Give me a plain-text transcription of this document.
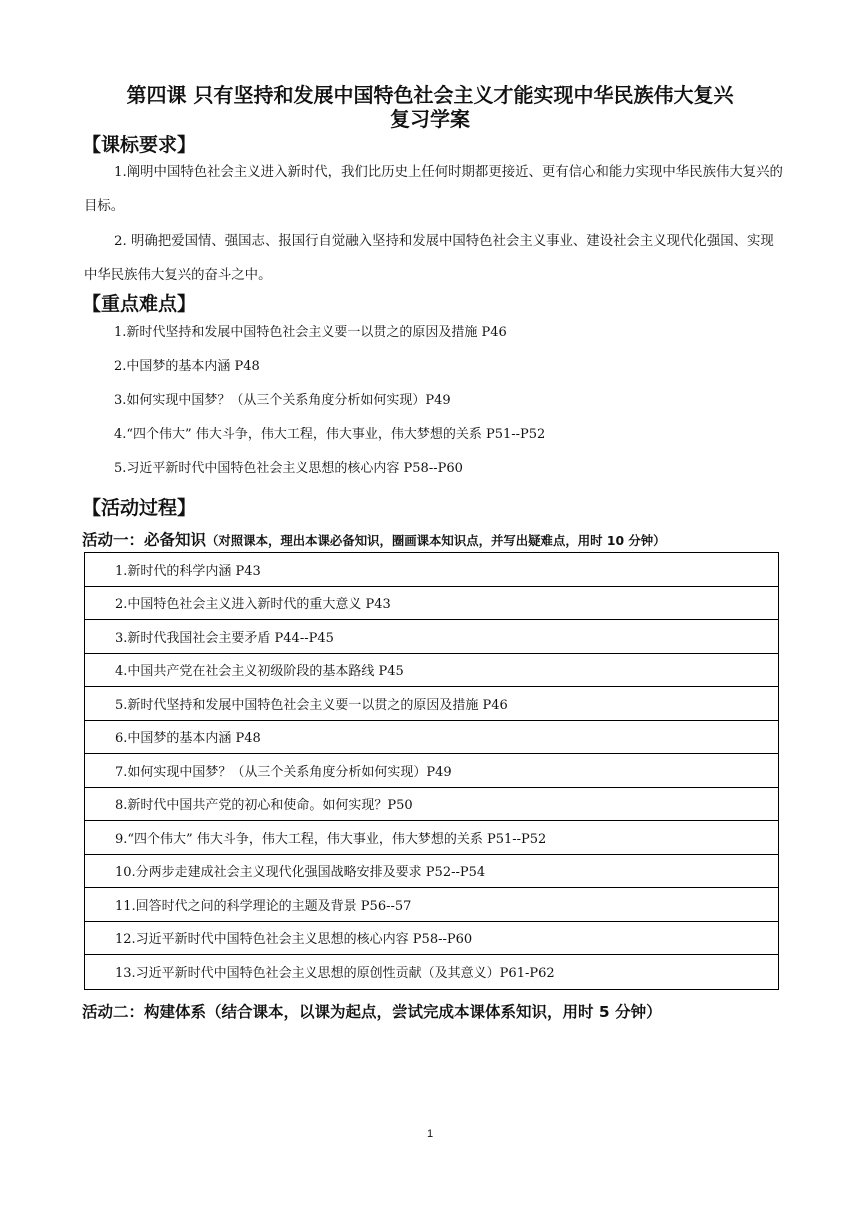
第四课 只有坚持和发展中国特色社会主义才能实现中华民族伟大复兴
复习学案
【课标要求】
1.阐明中国特色社会主义进入新时代，我们比历史上任何时期都更接近、更有信心和能力实现中华民族伟大复兴的目标。
2. 明确把爱国情、强国志、报国行自觉融入坚持和发展中国特色社会主义事业、建设社会主义现代化强国、实现中华民族伟大复兴的奋斗之中。
【重点难点】
1.新时代坚持和发展中国特色社会主义要一以贯之的原因及措施 P46
2.中国梦的基本内涵 P48
3.如何实现中国梦？（从三个关系角度分析如何实现）P49
4.“四个伟大” 伟大斗争，伟大工程，伟大事业，伟大梦想的关系 P51--P52
5.习近平新时代中国特色社会主义思想的核心内容 P58--P60
【活动过程】
活动一：必备知识（对照课本，理出本课必备知识，圈画课本知识点，并写出疑难点，用时 10 分钟）
1.新时代的科学内涵 P43
2.中国特色社会主义进入新时代的重大意义 P43
3.新时代我国社会主要矛盾 P44--P45
4.中国共产党在社会主义初级阶段的基本路线 P45
5.新时代坚持和发展中国特色社会主义要一以贯之的原因及措施 P46
6.中国梦的基本内涵 P48
7.如何实现中国梦？（从三个关系角度分析如何实现）P49
8.新时代中国共产党的初心和使命。如何实现？P50
9.“四个伟大” 伟大斗争，伟大工程，伟大事业，伟大梦想的关系 P51--P52
10.分两步走建成社会主义现代化强国战略安排及要求 P52--P54
11.回答时代之问的科学理论的主题及背景 P56--57
12.习近平新时代中国特色社会主义思想的核心内容 P58--P60
13.习近平新时代中国特色社会主义思想的原创性贡献（及其意义）P61-P62
活动二：构建体系（结合课本，以课为起点，尝试完成本课体系知识，用时 5 分钟）
1
